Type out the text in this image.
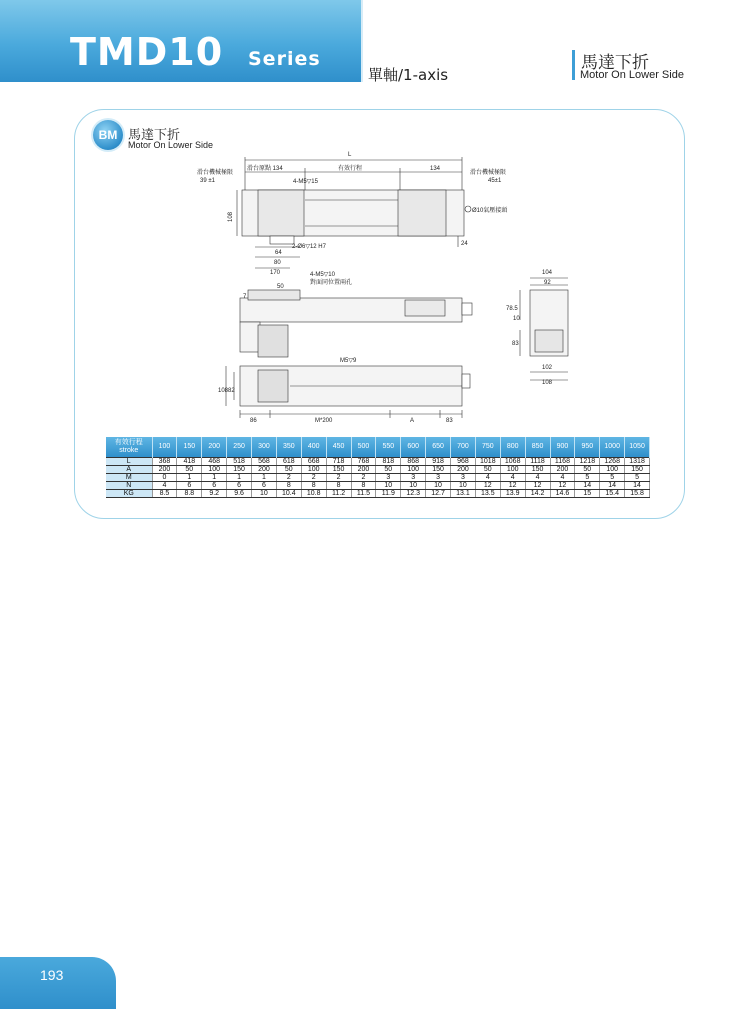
TMD10 Series
單軸/1-axis
馬達下折
Motor On Lower Side
BM 馬達下折
Motor On Lower Side
L
滑台原點 134	有效行程	134
滑台機械極限
39 ±1
滑台機械極限
45±1
4-M5▽15
Ø10氣壓接頭
108
24
2-Ø6▽12 H7
64
80
170	4-M5▽10
對面同位置兩孔
50
7
104
92
78.5
10
83
102
108
M5▽9
108 82
86	M*200	A	83
有效行程
stroke	100	150	200	250	300	350	400	450	500	550	600	650	700	750	800	850	900	950	1000	1050
L	368	418	468	518	568	618	668	718	768	818	868	918	968	1018	1068	1118	1168	1218	1268	1318
A	200	50	100	150	200	50	100	150	200	50	100	150	200	50	100	150	200	50	100	150
M	0	1	1	1	1	2	2	2	2	3	3	3	3	4	4	4	4	5	5	5
N	4	6	6	6	6	8	8	8	8	10	10	10	10	12	12	12	12	14	14	14
KG	8.5	8.8	9.2	9.6	10	10.4	10.8	11.2	11.5	11.9	12.3	12.7	13.1	13.5	13.9	14.2	14.6	15	15.4	15.8
193
